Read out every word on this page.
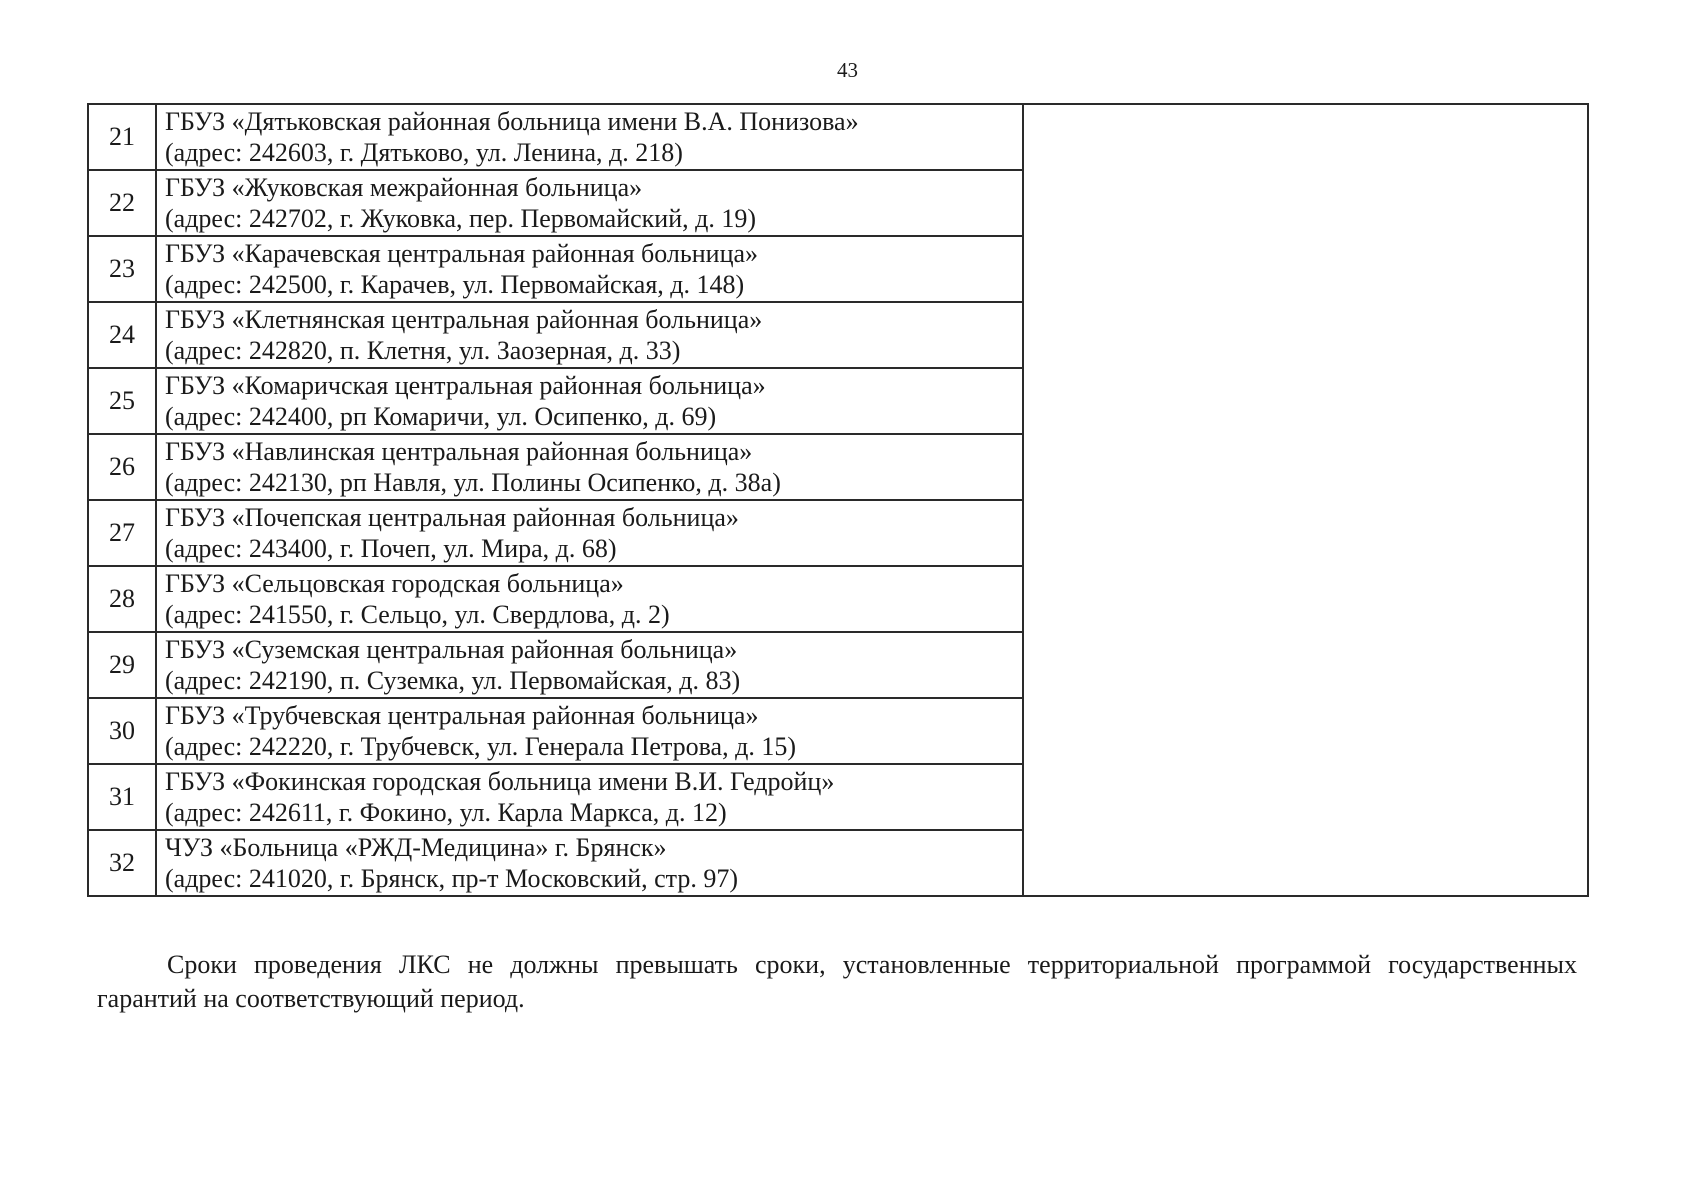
43
21	ГБУЗ «Дятьковская районная больница имени В.А. Понизова»
(адрес: 242603, г. Дятьково, ул. Ленина, д. 218)	

22	ГБУЗ «Жуковская межрайонная больница»
(адрес: 242702, г. Жуковка, пер. Первомайский, д. 19)	

23	ГБУЗ «Карачевская центральная районная больница»
(адрес: 242500, г. Карачев, ул. Первомайская, д. 148)	

24	ГБУЗ «Клетнянская центральная районная больница»
(адрес: 242820, п. Клетня, ул. Заозерная, д. 33)	

25	ГБУЗ «Комаричская центральная районная больница»
(адрес: 242400, рп Комаричи, ул. Осипенко, д. 69)	

26	ГБУЗ «Навлинская центральная районная больница»
(адрес: 242130, рп Навля, ул. Полины Осипенко, д. 38а)	

27	ГБУЗ «Почепская центральная районная больница»
(адрес: 243400, г. Почеп, ул. Мира, д. 68)	

28	ГБУЗ «Сельцовская городская больница»
(адрес: 241550, г. Сельцо, ул. Свердлова, д. 2)	

29	ГБУЗ «Суземская центральная районная больница»
(адрес: 242190, п. Суземка, ул. Первомайская, д. 83)	

30	ГБУЗ «Трубчевская центральная районная больница»
(адрес: 242220, г. Трубчевск, ул. Генерала Петрова, д. 15)	

31	ГБУЗ «Фокинская городская больница имени В.И. Гедройц»
(адрес: 242611, г. Фокино, ул. Карла Маркса, д. 12)	

32	ЧУЗ «Больница «РЖД-Медицина» г. Брянск»
(адрес: 241020, г. Брянск, пр-т Московский, стр. 97)	

Сроки проведения ЛКС не должны превышать сроки, установленные территориальной программой государственных гарантий на соответствующий период.
